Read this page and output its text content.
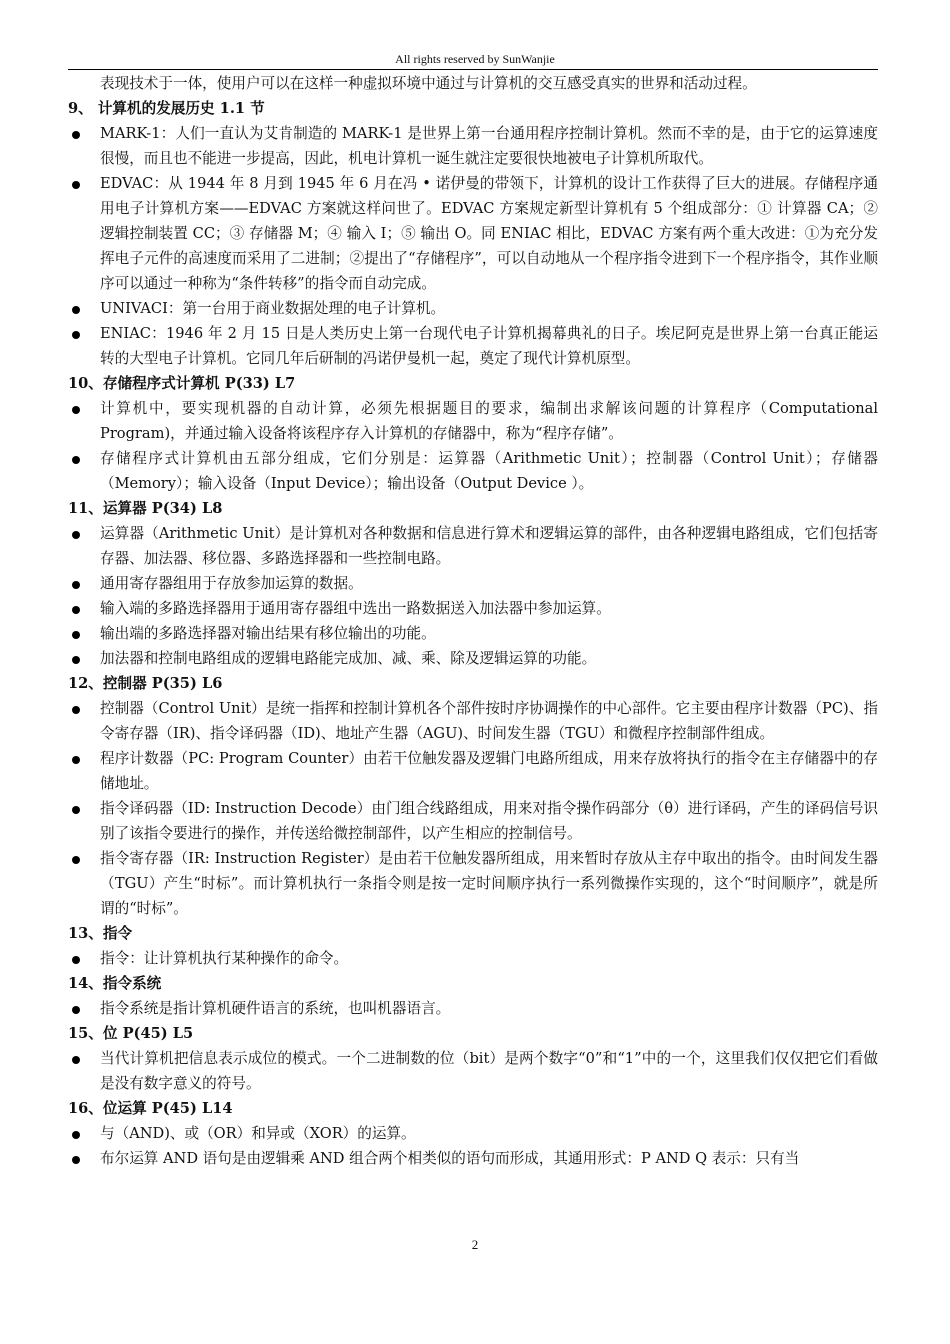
All rights reserved by SunWanjie

表现技术于一体，使用户可以在这样一种虚拟环境中通过与计算机的交互感受真实的世界和活动过程。

9、 计算机的发展历史 1.1 节

MARK-1：人们一直认为艾肯制造的 MARK-1 是世界上第一台通用程序控制计算机。然而不幸的是，由于它的运算速度很慢，而且也不能进一步提高，因此，机电计算机一诞生就注定要很快地被电子计算机所取代。
EDVAC：从 1944 年 8 月到 1945 年 6 月在冯 • 诺伊曼的带领下，计算机的设计工作获得了巨大的进展。存储程序通用电子计算机方案——EDVAC 方案就这样问世了。EDVAC 方案规定新型计算机有 5 个组成部分：① 计算器 CA；② 逻辑控制装置 CC；③ 存储器 M；④ 输入 I；⑤ 输出 O。同 ENIAC 相比，EDVAC 方案有两个重大改进：①为充分发挥电子元件的高速度而采用了二进制；②提出了“存储程序”，可以自动地从一个程序指令进到下一个程序指令，其作业顺序可以通过一种称为“条件转移”的指令而自动完成。
UNIVACI：第一台用于商业数据处理的电子计算机。
ENIAC：1946 年 2 月 15 日是人类历史上第一台现代电子计算机揭幕典礼的日子。埃尼阿克是世界上第一台真正能运转的大型电子计算机。它同几年后研制的冯诺伊曼机一起，奠定了现代计算机原型。

10、存储程序式计算机 P(33) L7

计算机中，要实现机器的自动计算，必须先根据题目的要求，编制出求解该问题的计算程序（Computational Program)，并通过输入设备将该程序存入计算机的存储器中，称为“程序存储”。
存储程序式计算机由五部分组成，它们分别是：运算器（Arithmetic Unit）；控制器（Control Unit）；存储器（Memory）；输入设备（Input Device）；输出设备（Output Device ）。

11、运算器 P(34) L8

运算器（Arithmetic Unit）是计算机对各种数据和信息进行算术和逻辑运算的部件，由各种逻辑电路组成，它们包括寄存器、加法器、移位器、多路选择器和一些控制电路。
通用寄存器组用于存放参加运算的数据。
输入端的多路选择器用于通用寄存器组中选出一路数据送入加法器中参加运算。
输出端的多路选择器对输出结果有移位输出的功能。
加法器和控制电路组成的逻辑电路能完成加、减、乘、除及逻辑运算的功能。

12、控制器 P(35) L6

控制器（Control Unit）是统一指挥和控制计算机各个部件按时序协调操作的中心部件。它主要由程序计数器（PC)、指令寄存器（IR)、指令译码器（ID)、地址产生器（AGU)、时间发生器（TGU）和微程序控制部件组成。
程序计数器（PC: Program Counter）由若干位触发器及逻辑门电路所组成，用来存放将执行的指令在主存储器中的存储地址。
指令译码器（ID: Instruction Decode）由门组合线路组成，用来对指令操作码部分（θ）进行译码，产生的译码信号识别了该指令要进行的操作，并传送给微控制部件，以产生相应的控制信号。
指令寄存器（IR: Instruction Register）是由若干位触发器所组成，用来暂时存放从主存中取出的指令。由时间发生器（TGU）产生“时标”。而计算机执行一条指令则是按一定时间顺序执行一系列微操作实现的，这个“时间顺序”，就是所谓的“时标”。

13、指令

指令：让计算机执行某种操作的命令。

14、指令系统

指令系统是指计算机硬件语言的系统，也叫机器语言。

15、位 P(45) L5

当代计算机把信息表示成位的模式。一个二进制数的位（bit）是两个数字“0”和“1”中的一个，这里我们仅仅把它们看做是没有数字意义的符号。

16、位运算 P(45) L14

与（AND)、或（OR）和异或（XOR）的运算。
布尔运算 AND 语句是由逻辑乘 AND 组合两个相类似的语句而形成，其通用形式：P AND Q 表示：只有当
2
